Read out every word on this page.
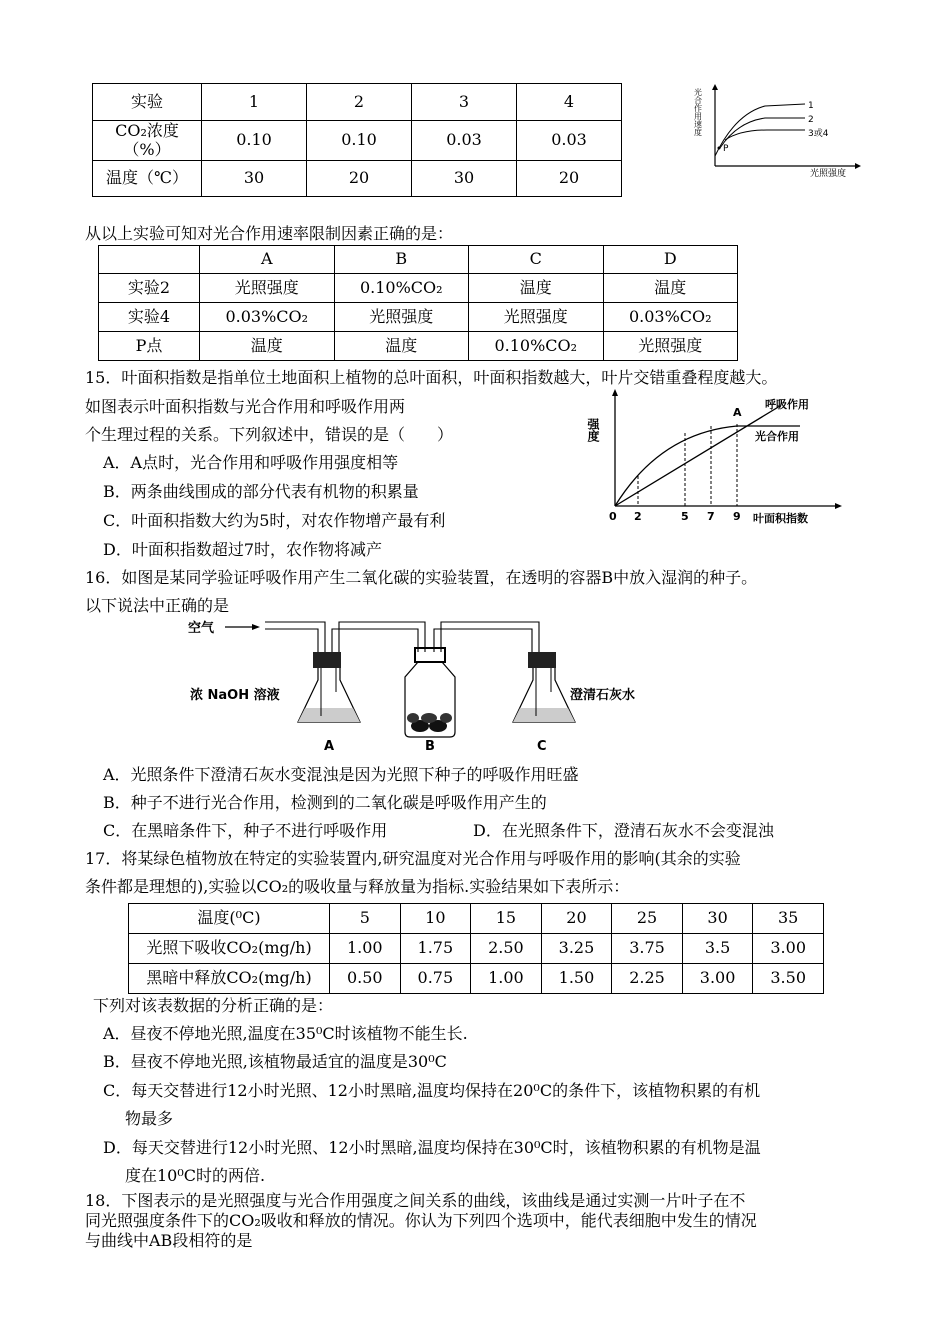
实验	1	2	3	4
CO₂浓度（%）	0.10	0.10	0.03	0.03
温度（℃）	30	20	30	20
P
1
2
3或4
光照强度
光合作用速度
从以上实验可知对光合作用速率限制因素正确的是：
	A	B	C	D
实验2	光照强度	0.10%CO₂	温度	温度
实验4	0.03%CO₂	光照强度	光照强度	0.03%CO₂
P点	温度	温度	0.10%CO₂	光照强度
15．叶面积指数是指单位土地面积上植物的总叶面积，叶面积指数越大，叶片交错重叠程度越大。
如图表示叶面积指数与光合作用和呼吸作用两
个生理过程的关系。下列叙述中，错误的是（　　）
A．A点时，光合作用和呼吸作用强度相等
B．两条曲线围成的部分代表有机物的积累量
C．叶面积指数大约为5时，对农作物增产最有利
D．叶面积指数超过7时，农作物将减产
强度
A
呼吸作用
光合作用
0 2	5 7 9 叶面积指数
16．如图是某同学验证呼吸作用产生二氧化碳的实验装置，在透明的容器B中放入湿润的种子。
以下说法中正确的是
空气
浓 NaOH 溶液	澄清石灰水
A	B	C
A．光照条件下澄清石灰水变混浊是因为光照下种子的呼吸作用旺盛
B．种子不进行光合作用，检测到的二氧化碳是呼吸作用产生的
C．在黑暗条件下，种子不进行呼吸作用	D．在光照条件下，澄清石灰水不会变混浊
17．将某绿色植物放在特定的实验装置内,研究温度对光合作用与呼吸作用的影响(其余的实验
条件都是理想的),实验以CO₂的吸收量与释放量为指标.实验结果如下表所示：
温度(⁰C)	5	10	15	20	25	30	35
光照下吸收CO₂(mg/h)	1.00	1.75	2.50	3.25	3.75	3.5	3.00
黑暗中释放CO₂(mg/h)	0.50	0.75	1.00	1.50	2.25	3.00	3.50
下列对该表数据的分析正确的是：
A．昼夜不停地光照,温度在35⁰C时该植物不能生长.
B．昼夜不停地光照,该植物最适宜的温度是30⁰C
C．每天交替进行12小时光照、12小时黑暗,温度均保持在20⁰C的条件下，该植物积累的有机
物最多
D．每天交替进行12小时光照、12小时黑暗,温度均保持在30⁰C时，该植物积累的有机物是温
度在10⁰C时的两倍.
18．下图表示的是光照强度与光合作用强度之间关系的曲线，该曲线是通过实测一片叶子在不
同光照强度条件下的CO₂吸收和释放的情况。你认为下列四个选项中，能代表细胞中发生的情况
与曲线中AB段相符的是
